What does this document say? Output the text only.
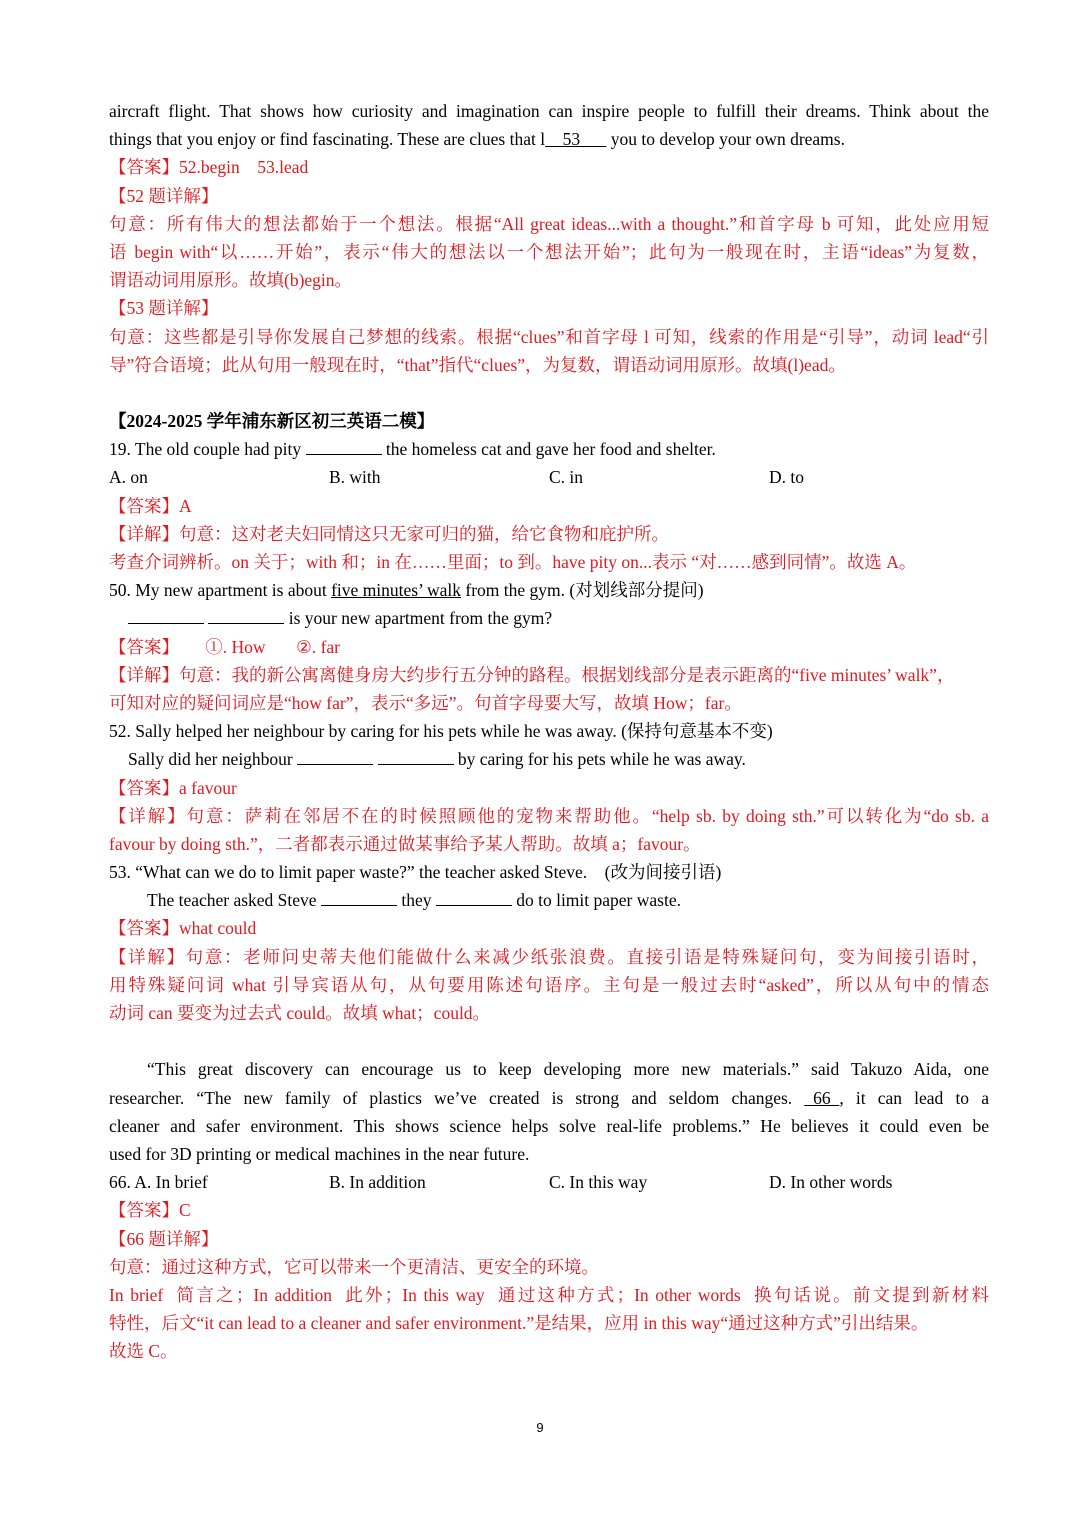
aircraft flight. That shows how curiosity and imagination can inspire people to fulfill their dreams. Think about the
things that you enjoy or find fascinating. These are clues that l  53   you to develop your own dreams.
【答案】52.begin    53.lead
【52 题详解】
句意：所有伟大的想法都始于一个想法。根据“All great ideas...with a thought.”和首字母 b 可知，此处应用短
语 begin with“以……开始”，表示“伟大的想法以一个想法开始”；此句为一般现在时，主语“ideas”为复数，
谓语动词用原形。故填(b)egin。
【53 题详解】
句意：这些都是引导你发展自己梦想的线索。根据“clues”和首字母 l 可知，线索的作用是“引导”，动词 lead“引
导”符合语境；此从句用一般现在时，“that”指代“clues”，为复数，谓语动词用原形。故填(l)ead。
【2024-2025 学年浦东新区初三英语二模】
19. The old couple had pity	the homeless cat and gave her food and shelter.
A. on	B. with	C. in	D. to
【答案】A
【详解】句意：这对老夫妇同情这只无家可归的猫，给它食物和庇护所。
考查介词辨析。on 关于；with 和；in 在……里面；to 到。have pity on...表示 “对……感到同情”。故选 A。
50. My new apartment is about five minutes’ walk from the gym. (对划线部分提问)
is your new apartment from the gym?
【答案】      ①. How       ②. far
【详解】句意：我的新公寓离健身房大约步行五分钟的路程。根据划线部分是表示距离的“five minutes’ walk”，
可知对应的疑问词应是“how far”，表示“多远”。句首字母要大写，故填 How；far。
52. Sally helped her neighbour by caring for his pets while he was away. (保持句意基本不变)
Sally did her neighbour	by caring for his pets while he was away.
【答案】a favour
【详解】句意：萨莉在邻居不在的时候照顾他的宠物来帮助他。“help sb. by doing sth.”可以转化为“do sb. a
favour by doing sth.”，二者都表示通过做某事给予某人帮助。故填 a；favour。
53. “What can we do to limit paper waste?” the teacher asked Steve.    (改为间接引语)
The teacher asked Steve	they	do to limit paper waste.
【答案】what could
【详解】句意：老师问史蒂夫他们能做什么来减少纸张浪费。直接引语是特殊疑问句，变为间接引语时，
用特殊疑问词 what 引导宾语从句，从句要用陈述句语序。主句是一般过去时“asked”，所以从句中的情态
动词 can 要变为过去式 could。故填 what；could。
“This great discovery can encourage us to keep developing more new materials.” said Takuzo Aida, one
researcher. “The new family of plastics we’ve created is strong and seldom changes.  66  , it can lead to a
cleaner and safer environment. This shows science helps solve real-life problems.” He believes it could even be
used for 3D printing or medical machines in the near future.
66. A. In brief	B. In addition	C. In this way	D. In other words
【答案】C
【66 题详解】
句意：通过这种方式，它可以带来一个更清洁、更安全的环境。
In brief  简言之；In addition  此外；In this way  通过这种方式；In other words  换句话说。前文提到新材料
特性，后文“it can lead to a cleaner and safer environment.”是结果，应用 in this way“通过这种方式”引出结果。
故选 C。
9
